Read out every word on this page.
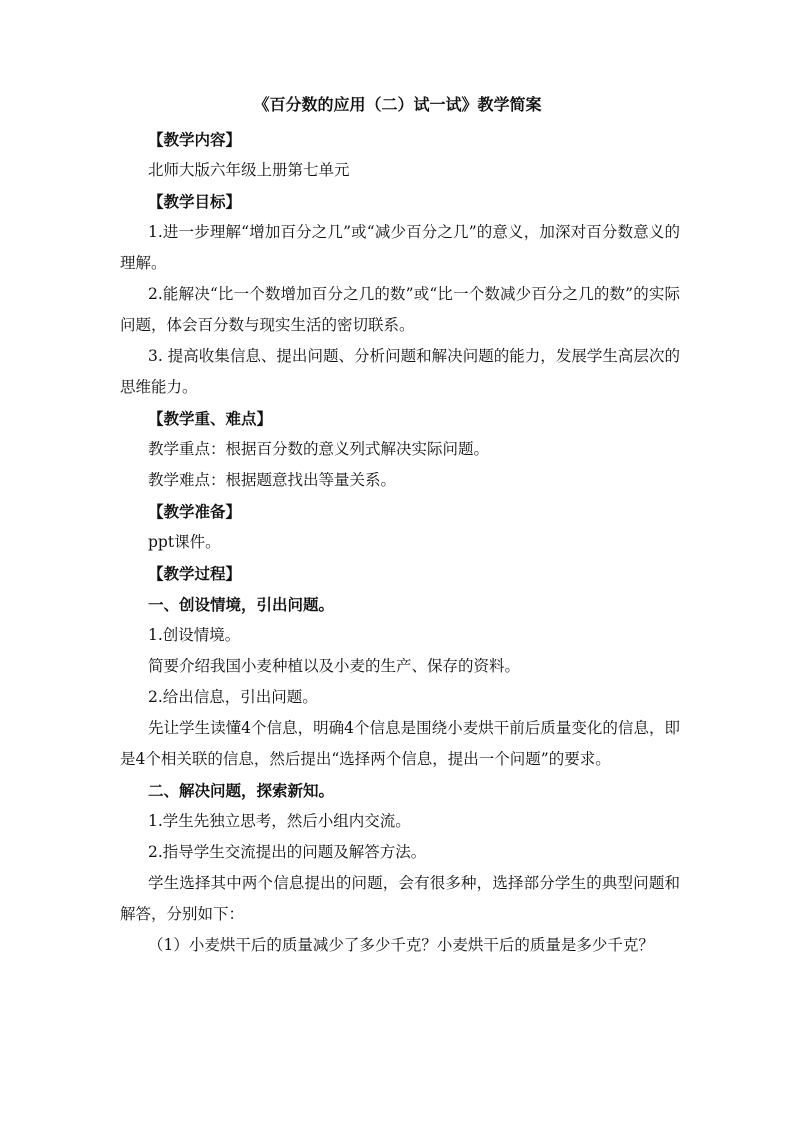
《百分数的应用（二）试一试》教学简案

【教学内容】

北师大版六年级上册第七单元

【教学目标】

1.进一步理解“增加百分之几”或“减少百分之几”的意义，加深对百分数意义的理解。

2.能解决“比一个数增加百分之几的数”或“比一个数减少百分之几的数”的实际问题，体会百分数与现实生活的密切联系。

3. 提高收集信息、提出问题、分析问题和解决问题的能力，发展学生高层次的思维能力。

【教学重、难点】

教学重点：根据百分数的意义列式解决实际问题。

教学难点：根据题意找出等量关系。

【教学准备】

ppt课件。

【教学过程】

一、创设情境，引出问题。

1.创设情境。

简要介绍我国小麦种植以及小麦的生产、保存的资料。

2.给出信息，引出问题。

先让学生读懂4个信息，明确4个信息是围绕小麦烘干前后质量变化的信息，即是4个相关联的信息，然后提出“选择两个信息，提出一个问题”的要求。

二、解决问题，探索新知。

1.学生先独立思考，然后小组内交流。

2.指导学生交流提出的问题及解答方法。

学生选择其中两个信息提出的问题，会有很多种，选择部分学生的典型问题和解答，分别如下：

（1）小麦烘干后的质量减少了多少千克？小麦烘干后的质量是多少千克？
